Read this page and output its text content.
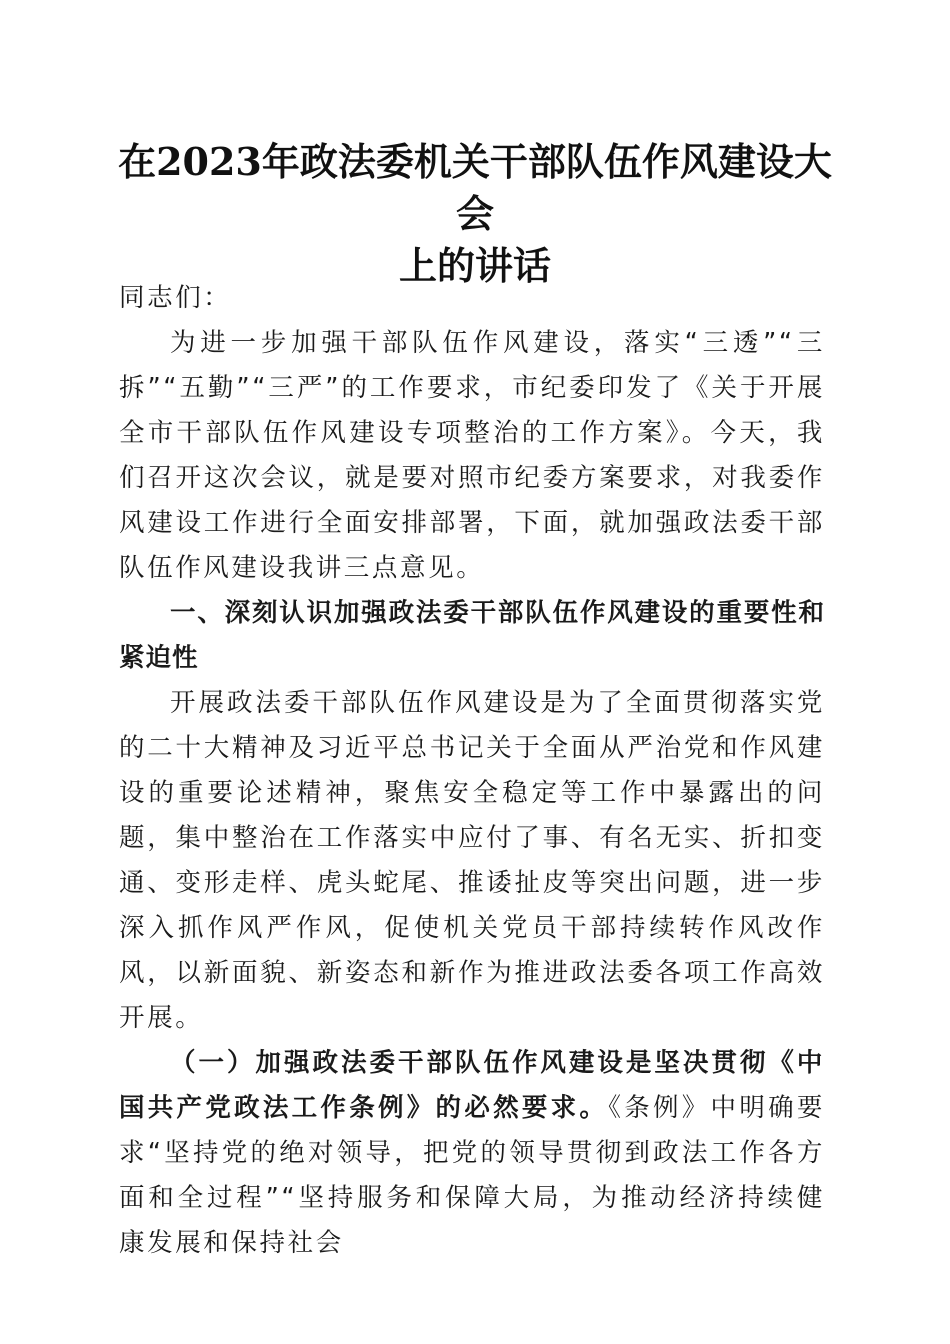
在2023年政法委机关干部队伍作风建设大会
上的讲话

同志们：

为进一步加强干部队伍作风建设，落实“三透”“三拆”“五勤”“三严”的工作要求，市纪委印发了《关于开展全市干部队伍作风建设专项整治的工作方案》。今天，我们召开这次会议，就是要对照市纪委方案要求，对我委作风建设工作进行全面安排部署，下面，就加强政法委干部队伍作风建设我讲三点意见。

一、深刻认识加强政法委干部队伍作风建设的重要性和紧迫性

开展政法委干部队伍作风建设是为了全面贯彻落实党的二十大精神及习近平总书记关于全面从严治党和作风建设的重要论述精神，聚焦安全稳定等工作中暴露出的问题，集中整治在工作落实中应付了事、有名无实、折扣变通、变形走样、虎头蛇尾、推诿扯皮等突出问题，进一步深入抓作风严作风，促使机关党员干部持续转作风改作风，以新面貌、新姿态和新作为推进政法委各项工作高效开展。

（一）加强政法委干部队伍作风建设是坚决贯彻《中国共产党政法工作条例》的必然要求。《条例》中明确要求“坚持党的绝对领导，把党的领导贯彻到政法工作各方面和全过程”“坚持服务和保障大局，为推动经济持续健康发展和保持社会
